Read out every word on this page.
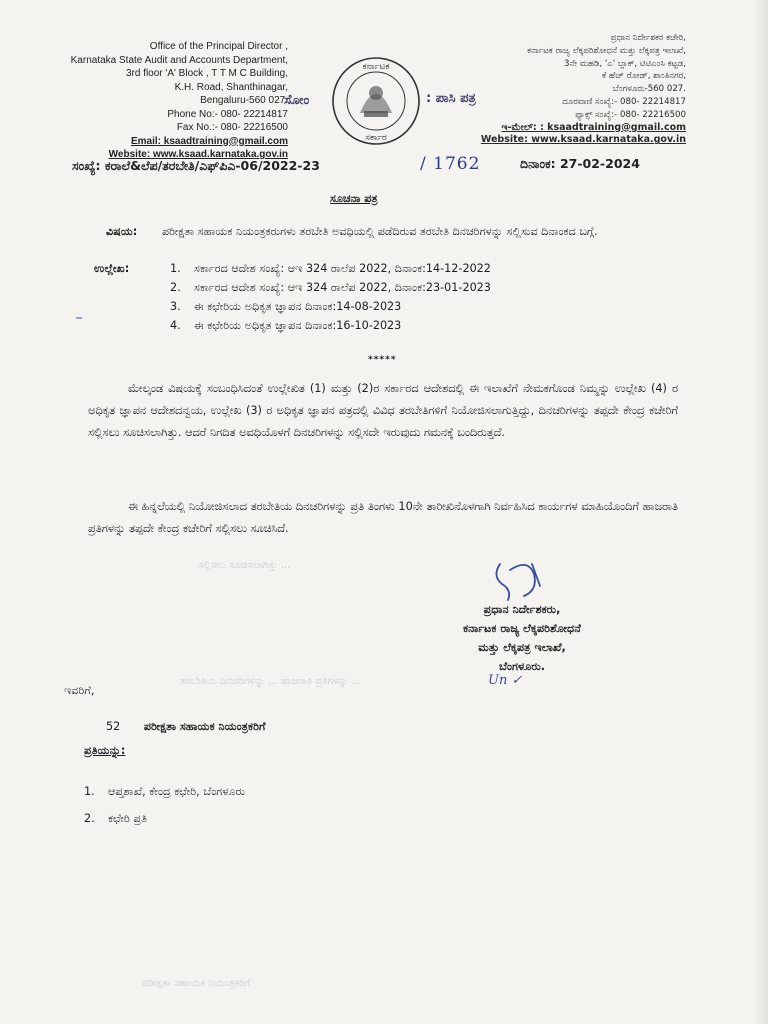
Office of the Principal Director ,
Karnataka State Audit and Accounts Department,
3rd floor 'A' Block , T T M C Building,
K.H. Road, Shanthinagar,
Bengaluru-560 027.
Phone No:- 080- 22214817
Fax No.:- 080- 22216500
Email: ksaadtraining@gmail.com
Website: www.ksaad.karnataka.gov.in
ಸೋಂ
ಕರ್ನಾಟಕ
ಸರ್ಕಾರ
: ಪಾಸಿ ಪತ್ರ
ಪ್ರಧಾನ ನಿರ್ದೇಶಕರ ಕಚೇರಿ,
ಕರ್ನಾಟಕ ರಾಜ್ಯ ಲೆಕ್ಕಪರಿಶೋಧನೆ ಮತ್ತು ಲೆಕ್ಕಪತ್ರ ಇಲಾಖೆ,
3ನೇ ಮಹಡಿ, 'ಎ' ಬ್ಲಾಕ್, ಟಿಟಿಎಂಸಿ ಕಟ್ಟಡ,
ಕೆ ಹೆಚ್ ರೋಡ್, ಶಾಂತಿನಗರ,
ಬೆಂಗಳೂರು-560 027.
ದೂರವಾಣಿ ಸಂಖ್ಯೆ:- 080- 22214817
ಫ್ಯಾಕ್ಸ್ ಸಂಖ್ಯೆ:- 080- 22216500
ಇ-ಮೇಲ್: : ksaadtraining@gmail.com
Website: www.ksaad.karnataka.gov.in
ಸಂಖ್ಯೆ: ಕರಾಲೆ&ಲೆಪ/ತರಬೇತಿ/ಎಫ್‌ಪಿಎ-06/2022-23	/ 1762	ದಿನಾಂಕ: 27-02-2024
ಸೂಚನಾ ಪತ್ರ
ವಿಷಯ: ಪರೀಕ್ಷತಾ ಸಹಾಯಕ ನಿಯಂತ್ರಕರುಗಳು ತರಬೇತಿ ಅವಧಿಯಲ್ಲಿ ಪಡೆದಿರುವ ತರಬೇತಿ ದಿನಚರಿಗಳನ್ನು ಸಲ್ಲಿಸುವ ದಿನಾಂಕದ ಬಗ್ಗೆ.
ಉಲ್ಲೇಖ:	1. ಸರ್ಕಾರದ ಆದೇಶ ಸಂಖ್ಯೆ: ಆಇ 324 ರಾಲೆಪ 2022, ದಿನಾಂಕ:14-12-2022
2. ಸರ್ಕಾರದ ಆದೇಶ ಸಂಖ್ಯೆ: ಆಇ 324 ರಾಲೆಪ 2022, ದಿನಾಂಕ:23-01-2023
3. ಈ ಕಛೇರಿಯ ಅಧಿಕೃತ ಜ್ಞಾಪನ ದಿನಾಂಕ:14-08-2023
4. ಈ ಕಛೇರಿಯ ಅಧಿಕೃತ ಜ್ಞಾಪನ ದಿನಾಂಕ:16-10-2023
*****
ಮೇಲ್ಕಂಡ ವಿಷಯಕ್ಕೆ ಸಂಬಂಧಿಸಿದಂತೆ ಉಲ್ಲೇಖಿತ (1) ಮತ್ತು (2)ರ ಸರ್ಕಾರದ ಆದೇಶದಲ್ಲಿ ಈ ಇಲಾಖೆಗೆ ನೇಮಕಗೊಂಡ ನಿಮ್ಮನ್ನು ಉಲ್ಲೇಖ (4) ರ ಅಧಿಕೃತ ಜ್ಞಾಪನ ಆದೇಶದನ್ವಯ, ಉಲ್ಲೇಖ (3) ರ ಅಧಿಕೃತ ಜ್ಞಾಪನ ಪತ್ರದಲ್ಲಿ ವಿವಿಧ ತರಬೇತಿಗಳಿಗೆ ನಿಯೋಜಿಸಲಾಗುತ್ತಿದ್ದು, ದಿನಚರಿಗಳನ್ನು ತಪ್ಪದೇ ಕೇಂದ್ರ ಕಚೇರಿಗೆ ಸಲ್ಲಿಸಲು ಸೂಚಿಸಲಾಗಿತ್ತು. ಆದರೆ ನಿಗದಿತ ಅವಧಿಯೊಳಗೆ ದಿನಚರಿಗಳನ್ನು ಸಲ್ಲಿಸದೇ ಇರುವುದು ಗಮನಕ್ಕೆ ಬಂದಿರುತ್ತದೆ.
ಈ ಹಿನ್ನಲೆಯಲ್ಲಿ ನಿಯೋಜಿಸಲಾದ ತರಬೇತಿಯ ದಿನಚರಿಗಳನ್ನು ಪ್ರತಿ ತಿಂಗಳು 10ನೇ ತಾರೀಖಿನೊಳಗಾಗಿ ನಿರ್ವಹಿಸಿದ ಕಾರ್ಯಗಳ ಮಾಹಿಯೊಂದಿಗೆ ಹಾಜರಾತಿ ಪ್ರತಿಗಳನ್ನು ತಪ್ಪದೇ ಕೇಂದ್ರ ಕಚೇರಿಗೆ ಸಲ್ಲಿಸಲು ಸೂಚಿಸಿದೆ.
ಸಲ್ಲಿಸಲು ಸೂಚಿಸಲಾಗಿತ್ತು ...
ಪ್ರಧಾನ ನಿರ್ದೇಶಕರು,
ಕರ್ನಾಟಕ ರಾಜ್ಯ ಲೆಕ್ಕಪರಿಶೋಧನೆ
ಮತ್ತು ಲೆಕ್ಕಪತ್ರ ಇಲಾಖೆ,
ಬೆಂಗಳೂರು.
Un ✓
ತರಬೇತಿಯ ದಿನಚರಿಗಳನ್ನು ... ಹಾಜರಾತಿ ಪ್ರತಿಗಳನ್ನು ...
ಇವರಿಗೆ,
52 ಪರೀಕ್ಷತಾ ಸಹಾಯಕ ನಿಯಂತ್ರಕರಿಗೆ
ಪ್ರತಿಯನ್ನು:
1. ಆಪ್ತಶಾಖೆ, ಕೇಂದ್ರ ಕಛೇರಿ, ಬೆಂಗಳೂರು
2. ಕಛೇರಿ ಪ್ರತಿ
ಪರೀಕ್ಷತಾ ಸಹಾಯಕ ನಿಯಂತ್ರಕರಿಗೆ
